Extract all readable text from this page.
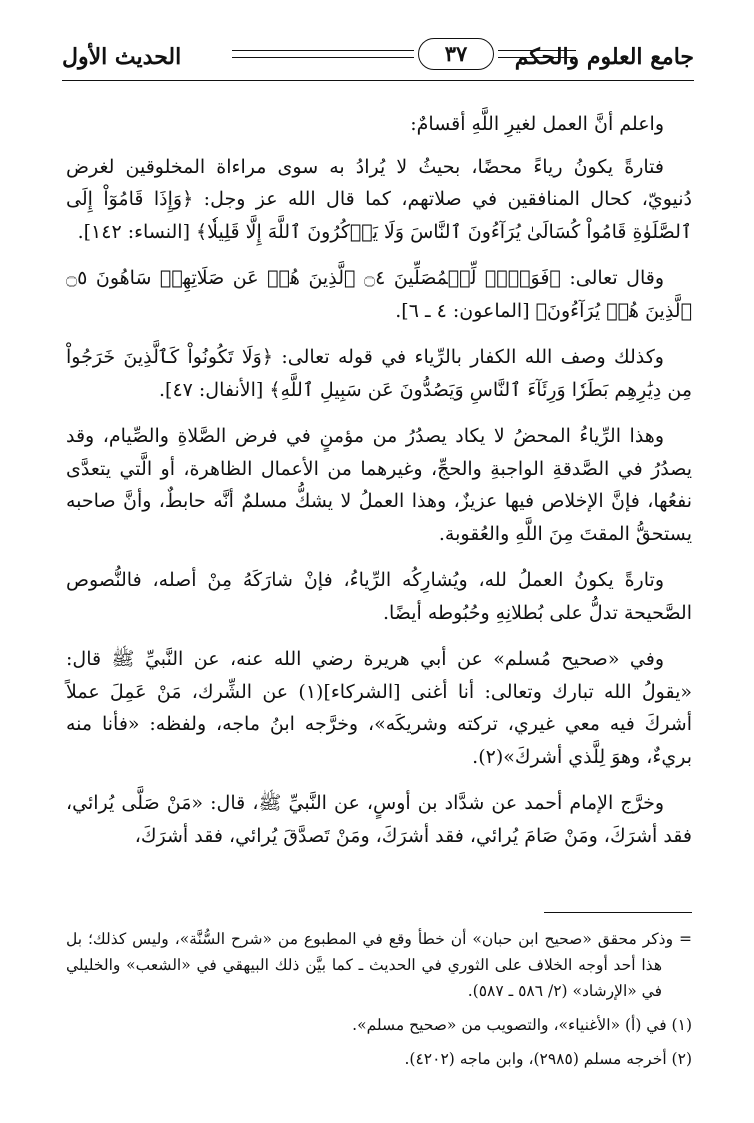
جامع العلوم والحكم
٣٧
الحديث الأول

واعلم أنَّ العمل لغيرِ اللَّهِ أقسامٌ:

فتارةً يكونُ رياءً محضًا، بحيثُ لا يُرادُ به سوى مراءاة المخلوقين لغرض دُنيويّ، كحال المنافقين في صلاتهم، كما قال الله عز وجل: ﴿وَإِذَا قَامُوٓاْ إِلَى ٱلصَّلَوٰةِ قَامُواْ كُسَالَىٰ يُرَآءُونَ ٱلنَّاسَ وَلَا يَذۡكُرُونَ ٱللَّهَ إِلَّا قَلِيلٗا﴾ [النساء: ١٤٢].

وقال تعالى: ﴿فَوَيۡلٞ لِّلۡمُصَلِّينَ ۝٤ ٱلَّذِينَ هُمۡ عَن صَلَاتِهِمۡ سَاهُونَ ۝٥ ٱلَّذِينَ هُمۡ يُرَآءُونَ﴾ [الماعون: ٤ ـ ٦].

وكذلك وصف الله الكفار بالرِّياء في قوله تعالى: ﴿وَلَا تَكُونُواْ كَٱلَّذِينَ خَرَجُواْ مِن دِيَٰرِهِم بَطَرٗا وَرِئَآءَ ٱلنَّاسِ وَيَصُدُّونَ عَن سَبِيلِ ٱللَّهِ﴾ [الأنفال: ٤٧].

وهذا الرِّياءُ المحضُ لا يكاد يصدُرُ من مؤمنٍ في فرض الصَّلاةِ والصِّيام، وقد يصدُرُ في الصَّدقةِ الواجبةِ والحجِّ، وغيرهما من الأعمال الظاهرة، أو الَّتي يتعدَّى نفعُها، فإنَّ الإخلاص فيها عزيزٌ، وهذا العملُ لا يشكُّ مسلمٌ أنَّه حابطٌ، وأنَّ صاحبه يستحقُّ المقتَ مِنَ اللَّهِ والعُقوبة.

وتارةً يكونُ العملُ لله، ويُشارِكُه الرِّياءُ، فإنْ شارَكَهُ مِنْ أصله، فالنُّصوص الصَّحيحة تدلُّ على بُطلانِهِ وحُبُوطه أيضًا.

وفي «صحيح مُسلم» عن أبي هريرة رضي الله عنه، عن النَّبيِّ ﷺ قال: «يقولُ الله تبارك وتعالى: أنا أغنى [الشركاء](١) عن الشِّرك، مَنْ عَمِلَ عملاً أشركَ فيه معي غيري، تركته وشريكَه»، وخرَّجه ابنُ ماجه، ولفظه: «فأنا منه بريءٌ، وهوَ لِلَّذي أشركَ»(٢).

وخرَّج الإمام أحمد عن شدَّاد بن أوسٍ، عن النَّبيِّ ﷺ، قال: «مَنْ صَلَّى يُرائي، فقد أشرَكَ، ومَنْ صَامَ يُرائي، فقد أشرَكَ، ومَنْ تَصدَّقَ يُرائي، فقد أشرَكَ،

= وذكر محقق «صحيح ابن حبان» أن خطأ وقع في المطبوع من «شرح السُّنَّة»، وليس كذلك؛ بل هذا أحد أوجه الخلاف على الثوري في الحديث ـ كما بيَّن ذلك البيهقي في «الشعب» والخليلي في «الإرشاد» (٢/ ٥٨٦ ـ ٥٨٧).

(١) في (أ) «الأغنياء»، والتصويب من «صحيح مسلم».

(٢) أخرجه مسلم (٢٩٨٥)، وابن ماجه (٤٢٠٢).
